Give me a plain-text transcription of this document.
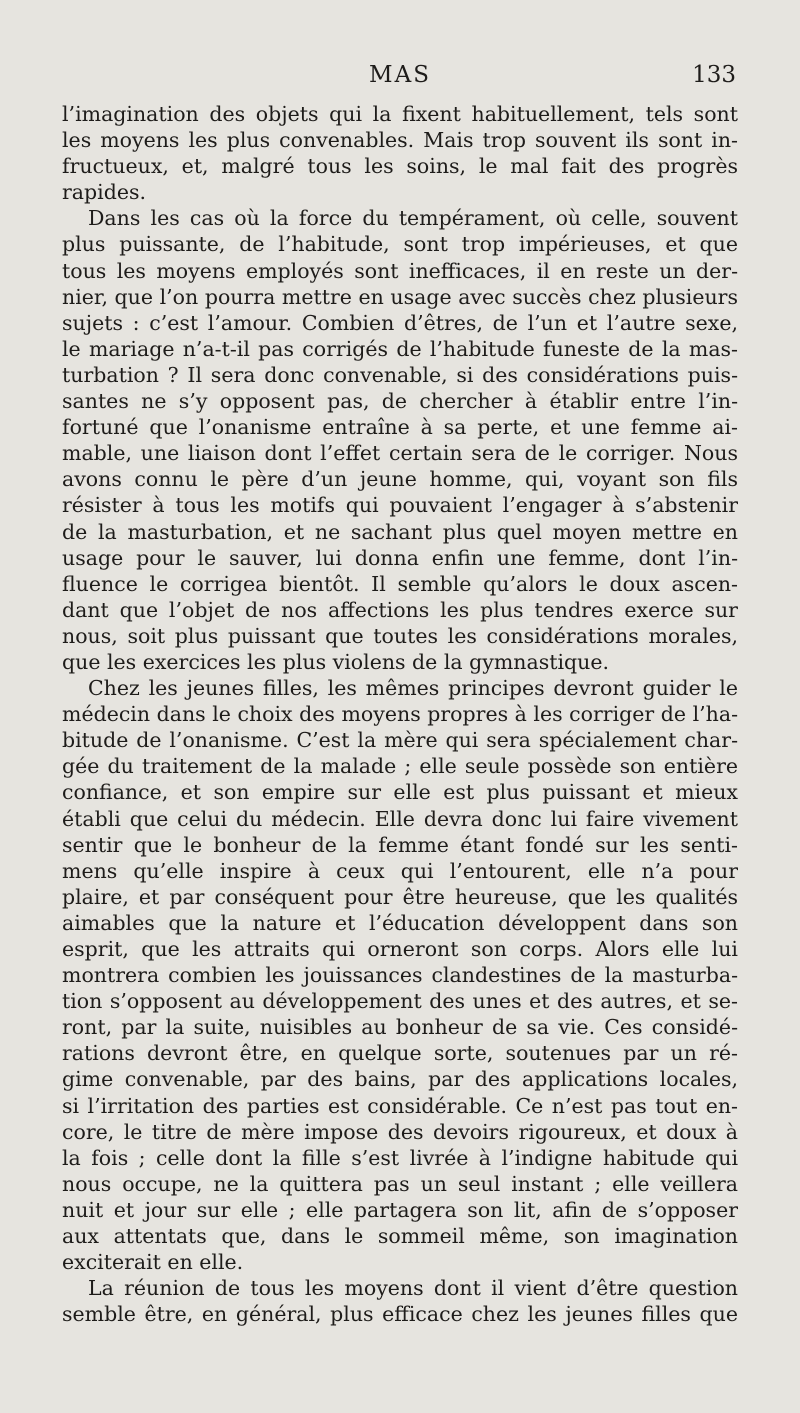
MAS	133
l’imagination des objets qui la fixent habituellement, tels sont
les moyens les plus convenables. Mais trop souvent ils sont in-
fructueux, et, malgré tous les soins, le mal fait des progrès
rapides.
Dans les cas où la force du tempérament, où celle, souvent
plus puissante, de l’habitude, sont trop impérieuses, et que
tous les moyens employés sont inefficaces, il en reste un der-
nier, que l’on pourra mettre en usage avec succès chez plusieurs
sujets : c’est l’amour. Combien d’êtres, de l’un et l’autre sexe,
le mariage n’a-t-il pas corrigés de l’habitude funeste de la mas-
turbation ? Il sera donc convenable, si des considérations puis-
santes ne s’y opposent pas, de chercher à établir entre l’in-
fortuné que l’onanisme entraîne à sa perte, et une femme ai-
mable, une liaison dont l’effet certain sera de le corriger. Nous
avons connu le père d’un jeune homme, qui, voyant son fils
résister à tous les motifs qui pouvaient l’engager à s’abstenir
de la masturbation, et ne sachant plus quel moyen mettre en
usage pour le sauver, lui donna enfin une femme, dont l’in-
fluence le corrigea bientôt. Il semble qu’alors le doux ascen-
dant que l’objet de nos affections les plus tendres exerce sur
nous, soit plus puissant que toutes les considérations morales,
que les exercices les plus violens de la gymnastique.
Chez les jeunes filles, les mêmes principes devront guider le
médecin dans le choix des moyens propres à les corriger de l’ha-
bitude de l’onanisme. C’est la mère qui sera spécialement char-
gée du traitement de la malade ; elle seule possède son entière
confiance, et son empire sur elle est plus puissant et mieux
établi que celui du médecin. Elle devra donc lui faire vivement
sentir que le bonheur de la femme étant fondé sur les senti-
mens qu’elle inspire à ceux qui l’entourent, elle n’a pour
plaire, et par conséquent pour être heureuse, que les qualités
aimables que la nature et l’éducation développent dans son
esprit, que les attraits qui orneront son corps. Alors elle lui
montrera combien les jouissances clandestines de la masturba-
tion s’opposent au développement des unes et des autres, et se-
ront, par la suite, nuisibles au bonheur de sa vie. Ces considé-
rations devront être, en quelque sorte, soutenues par un ré-
gime convenable, par des bains, par des applications locales,
si l’irritation des parties est considérable. Ce n’est pas tout en-
core, le titre de mère impose des devoirs rigoureux, et doux à
la fois ; celle dont la fille s’est livrée à l’indigne habitude qui
nous occupe, ne la quittera pas un seul instant ; elle veillera
nuit et jour sur elle ; elle partagera son lit, afin de s’opposer
aux attentats que, dans le sommeil même, son imagination
exciterait en elle.
La réunion de tous les moyens dont il vient d’être question
semble être, en général, plus efficace chez les jeunes filles que
